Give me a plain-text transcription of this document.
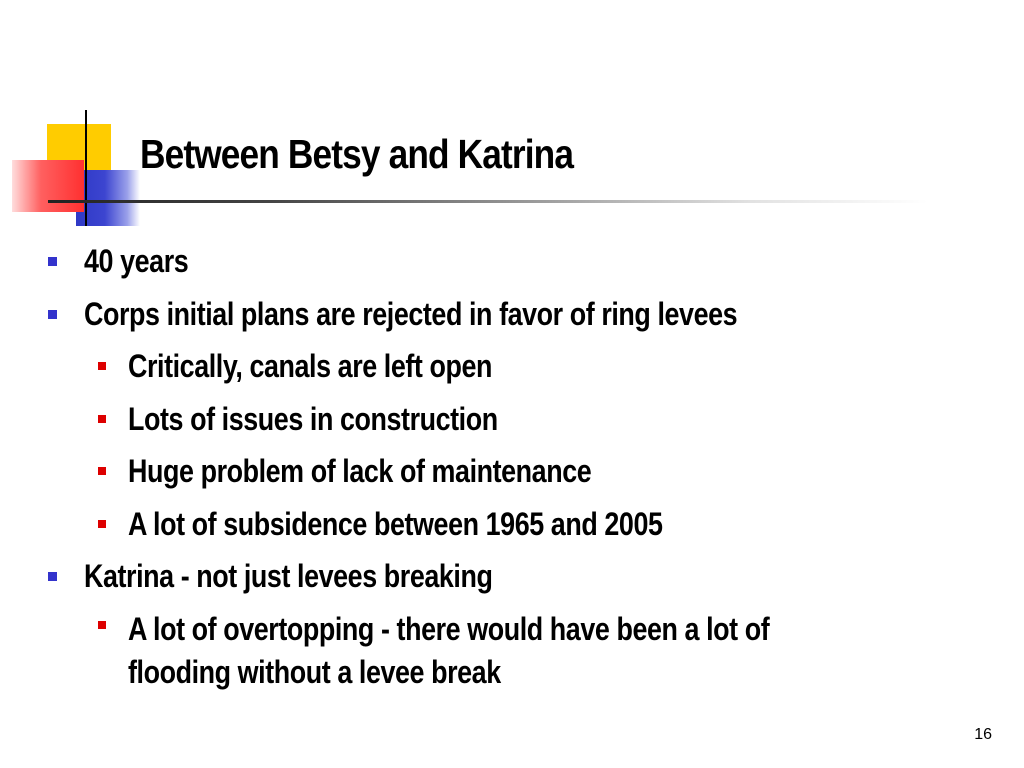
Between Betsy and Katrina
40 years
Corps initial plans are rejected in favor of ring levees
Critically, canals are left open
Lots of issues in construction
Huge problem of lack of maintenance
A lot of subsidence between 1965 and 2005
Katrina - not just levees breaking
A lot of overtopping - there would have been a lot of
flooding without a levee break
16
